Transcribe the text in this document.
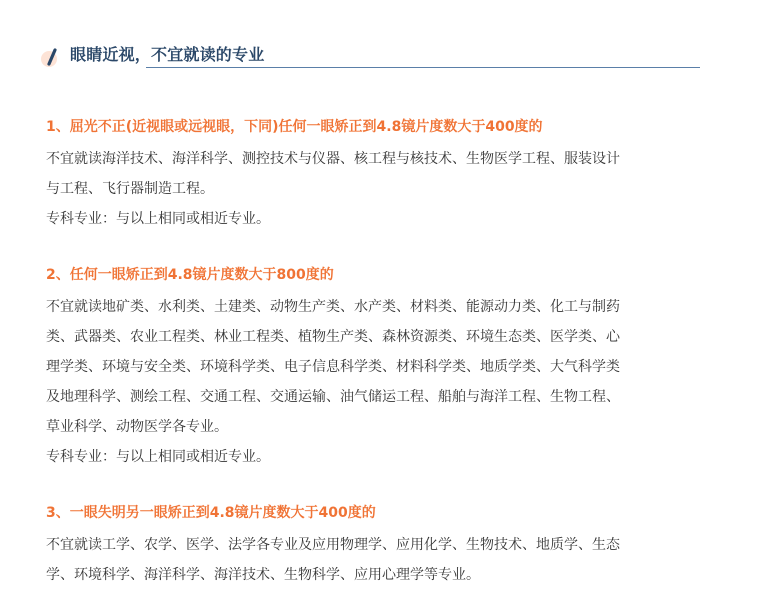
眼睛近视，不宜就读的专业

1、屈光不正(近视眼或远视眼，下同)任何一眼矫正到4.8镜片度数大于400度的

不宜就读海洋技术、海洋科学、测控技术与仪器、核工程与核技术、生物医学工程、服装设计

与工程、飞行器制造工程。

专科专业：与以上相同或相近专业。

2、任何一眼矫正到4.8镜片度数大于800度的

不宜就读地矿类、水利类、土建类、动物生产类、水产类、材料类、能源动力类、化工与制药

类、武器类、农业工程类、林业工程类、植物生产类、森林资源类、环境生态类、医学类、心

理学类、环境与安全类、环境科学类、电子信息科学类、材料科学类、地质学类、大气科学类

及地理科学、测绘工程、交通工程、交通运输、油气储运工程、船舶与海洋工程、生物工程、

草业科学、动物医学各专业。

专科专业：与以上相同或相近专业。

3、一眼失明另一眼矫正到4.8镜片度数大于400度的

不宜就读工学、农学、医学、法学各专业及应用物理学、应用化学、生物技术、地质学、生态

学、环境科学、海洋科学、海洋技术、生物科学、应用心理学等专业。
